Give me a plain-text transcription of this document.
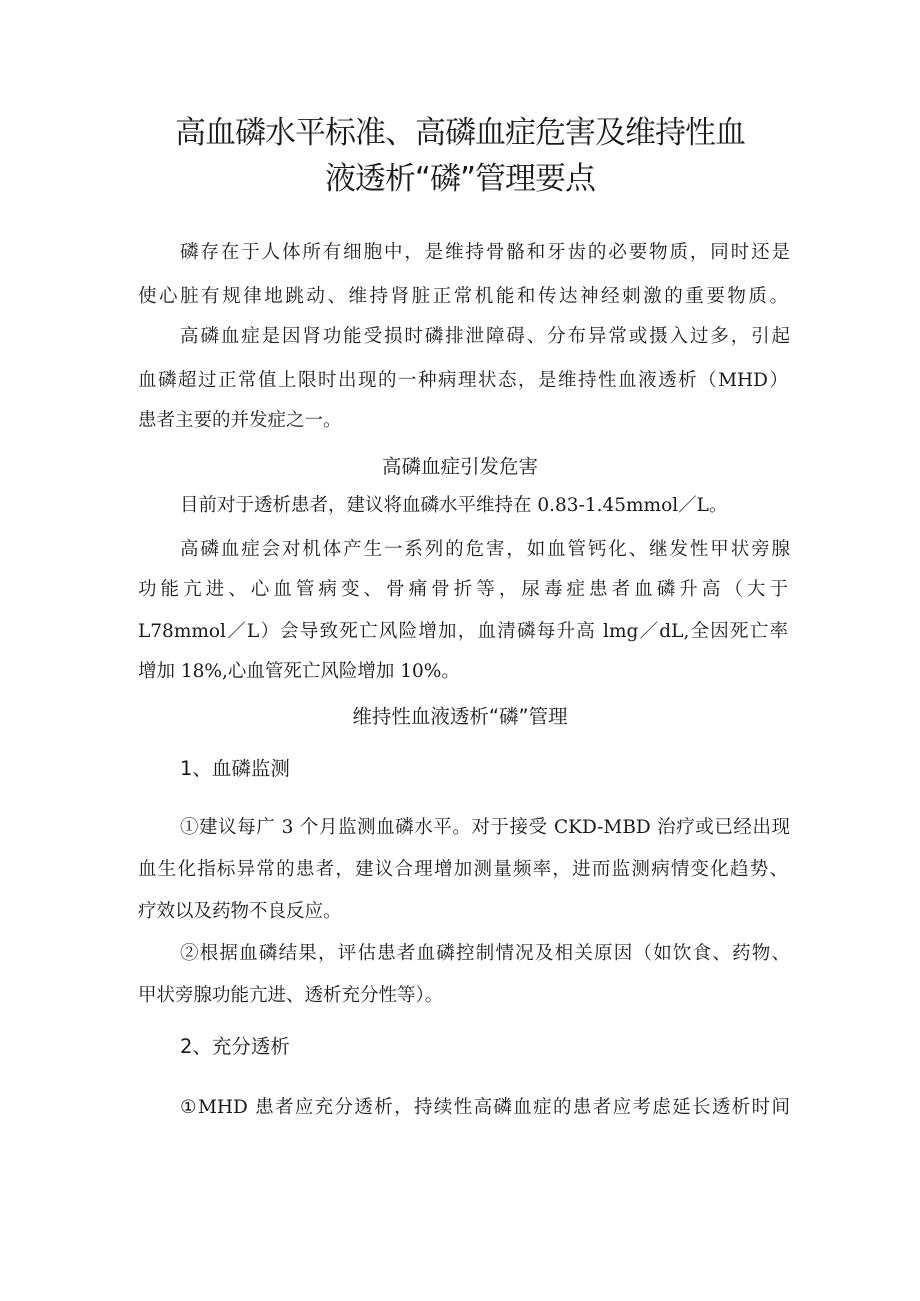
高血磷水平标准、高磷血症危害及维持性血
液透析“磷”管理要点

磷存在于人体所有细胞中，是维持骨骼和牙齿的必要物质，同时还是

使心脏有规律地跳动、维持肾脏正常机能和传达神经刺激的重要物质。

高磷血症是因肾功能受损时磷排泄障碍、分布异常或摄入过多，引起

血磷超过正常值上限时出现的一种病理状态，是维持性血液透析（MHD）

患者主要的并发症之一。

高磷血症引发危害

目前对于透析患者，建议将血磷水平维持在 0.83-1.45mmol／L。

高磷血症会对机体产生一系列的危害，如血管钙化、继发性甲状旁腺

功能亢进、心血管病变、骨痛骨折等，尿毒症患者血磷升高（大于

L78mmol／L）会导致死亡风险增加，血清磷每升高 lmg／dL,全因死亡率

增加 18%,心血管死亡风险增加 10%。

维持性血液透析“磷”管理
1、血磷监测

①建议每广 3 个月监测血磷水平。对于接受 CKD-MBD 治疗或已经出现

血生化指标异常的患者，建议合理增加测量频率，进而监测病情变化趋势、

疗效以及药物不良反应。

②根据血磷结果，评估患者血磷控制情况及相关原因（如饮食、药物、

甲状旁腺功能亢进、透析充分性等）。

2、充分透析

①MHD 患者应充分透析，持续性高磷血症的患者应考虑延长透析时间
